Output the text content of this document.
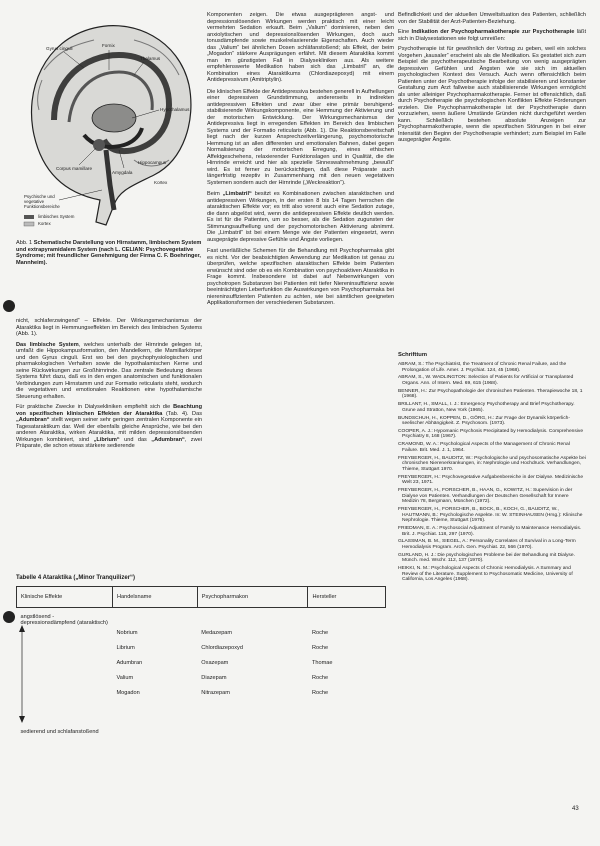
Gyrus cinguli
Fornix
Thalamus
Hypothalamus
Corpus mamillare
Amygdala
Hippocampus
Psychische und vegetative Funktionsbereiche
Kortex
limbisches System
Kortex

Abb. 1 Schematische Darstellung von Hirnstamm, limbischem System und extrapyramidalem System (nach L. CELIAN: Psychovegetative Syndrome; mit freundlicher Genehmigung der Firma C. F. Boehringer, Mannheim).

nicht, schlaferzwingend“ – Effekte. Der Wirkungsmechanismus der Ataraktika liegt in Hemmungseffekten im Bereich des limbischen Systems (Abb. 1).

Das limbische System, welches unterhalb der Hirnrinde gelegen ist, umfaßt die Hippokampusformation, den Mandelkern, die Mamillarkörper und den Gyrus cinguli. Erst wo bei den psychophysiologischen und pharmakologischen Verhalten sowie die hypothalamischen Kerne und seine Rückwirkungen zur Großhirnrinde. Das zentrale Bedeutung dieses Systems führt dazu, daß es in den engen anatomischen und funktionalen Verbindungen zum Hirnstamm und zur Formatio reticularis steht, wodurch die vegetativen und emotionalen Reaktionen eine hypothalamische Steuerung erhalten.

Für praktische Zwecke in Dialysekliniken empfiehlt sich die Beachtung von spezifischen klinischen Effekten der Ataraktika (Tab. 4). Das „Adumbran“ stellt wegen seiner sehr geringen zentralen Komponente ein Tagesataraktikum dar. Weil der ebenfalls gleiche Ansprüche, wie bei den anderen Ataraktika, wirken Ataraktika, mit milden depressionslösenden Wirkungen kombiniert, sind „Librium“ und das „Adumbran“, zwei Präparate, die schon etwas stärkere sedierende

Komponenten zeigen. Die etwas ausgeprägteren angst- und depressionslösenden Wirkungen werden praktisch mit einer leicht vermehrten Sedation erkauft. Beim „Valium“ dominieren, neben den anxiolytischen und depressionslösenden Wirkungen, doch auch tonusdämpfende sowie muskelrelaxierende Eigenschaften. Auch wieder das „Valium“ bei ähnlichen Dosen schläfanstoßend; als Effekt, der beim „Mogadon“ stärkere Ausprägungen erfährt. Mit diesem Ataraktika kommt man im günstigsten Fall in Dialysekliniken aus. Als weitere empfehlenswerte Medikation haben sich das „Limbatril“ an, die Kombination eines Ataraktikums (Chlordiazepoxyd) mit einem Antidepressivum (Amitriptylin).

Die klinischen Effekte der Antidepressiva bestehen generell in Aufhellungen einer depressiven Grundstimmung, andererseits in indirekten antidepressiven Effekten und zwar über eine primär beruhigend-stabilisierende Wirkungskomponente, eine Hemmung der Aktivierung und der motorischen Entwicklung. Der Wirkungsmechanismus der Antidepressiva liegt in erregenden Effekten im Bereich des limbischen Systems und der Formatio reticularis (Abb. 1). Die Reaktionsbereitschaft liegt nach der kurzen Ansprechzeitverlängerung, psychomotorische Hemmung ist an allen differenten und emotionalen Bahnen, dabei gegen Normalisierung der motorischen Erregung, eines ethischen Affektgeschehens, relaxierender Funktionslagen und in Qualität, die die Hirnrinde erreicht und hier als spezielle Sinneswahrnehmung „bewußt“ wird. Es ist ferner zu berücksichtigen, daß diese Präparate auch längerfristig rezeptiv in Zusammenhang mit den neuen vegetativen Systemen sondern auch der Hirnrinde („Weckreaktion“).

Beim „Limbatril“ besitzt es Kombinationen zwischen ataraktischen und antidepressiven Wirkungen, in der ersten 8 bis 14 Tagen herrschen die ataraktischen Effekte vor; es tritt also vorerst auch eine Sedation zutage, die dann abgelöst wird, wenn die antidepressiven Effekte deutlich werden. Es ist für die Patienten, um so besser, als die Sedation zugunsten der Stimmungsaufhellung und der psychomotorischen Aktivierung abnimmt. Die „Limbatril“ ist bei einem Menge wie der Patienten eingesetzt, wenn ausgeprägte depressive Gefühle und Ängste vorliegen.

Fast unerläßliche Schemen für die Behandlung mit Psychopharmaka gibt es nicht. Vor der beabsichtigten Anwendung zur Medikation ist genau zu überprüfen, welche spezifischen ataraktischen Effekte beim Patienten erwünscht sind oder ob es ein Kombination von psychoaktiven Ataraktika in Frage kommt. Insbesondere ist dabei auf Nebenwirkungen von psychotropen Substanzen bei Patienten mit tiefer Niereninsuffizienz sowie beeinträchtigten Leberfunktion die Auswirkungen von Psychopharmaka bei niereninsuffizienten Patienten zu achten, wie bei sämtlichen geeigneten Applikationsformen der verschiedenen Substanzen.

Befindlichkeit und der aktuellen Umweltsituation des Patienten, schließlich von der Stabilität der Arzt-Patienten-Beziehung.

Eine Indikation der Psychopharmakotherapie zur Psychotherapie läßt sich in Dialysestationen wie folgt umreißen:

Psychotherapie ist für gewöhnlich der Vortrag zu geben, weil ein solches Vorgehen „kausaler“ erscheint als als die Medikation. Es gestattet sich zum Beispiel die psychotherapeutische Bearbeitung von wenig ausgeprägten depressiven Gefühlen und Ängsten wie sie sich im aktuellen psychologischen Kontext des Versuch. Auch wenn offensichtlich beim Patienten unter der Psychotherapie infolge der stabilisieren und konstanter Gestaltung zum Arzt fallweise auch stabilisierende Wirkungen ermöglicht als unter alleiniger Psychopharmakotherapie. Ferner ist offensichtlich, daß durch Psychotherapie die psychologischen Konflikten Effekte Förderungen erzielen. Die Psychopharmakotherapie ist der Psychotherapie dann vorzuziehen, wenn äußere Umstände Gründen nicht durchgeführt werden kann. Schließlich bestehen absolute Anzeigen zur Psychopharmakotherapie, wenn die spezifischen Störungen in bei einer Intensität den Beginn der Psychotherapie verhindert; zum Beispiel im Falle ausgeprägter Ängste.

Schrifttum

ABRAM, S.: The Psychiatrist, the Treatment of Chronic Renal Failure, and the Prolongation of Life. Amer. J. Psychiat. 124, 45 (1968).

ABRAM, S., W. WADLINGTON: Selection of Patients for Artificial or Transplanted Organs. Ann. of Intern. Med. 69, 615 (1968).

BENNER, H.: Zur Psychopathologie der chronischen Patienten. Therapiewoche 18, 1 (1968).

BRILLANT, H., SMALL, I. J.: Emergency Psychotherapy and Brief Psychotherapy. Grune and Stratton, New York (1965).

BUNDSCHUH, H., KOPPEN, D., GÖRG, H.: Zur Frage der Dynamik körperlich-seelischer Abhängigkeit. Z. Psychosom. (1973).

COOPER, A. J.: Hypomanic Psychosis Precipitated by Hemodialysis. Comprehensive Psychiatry 8, 168 (1967).

CRAMOND, W. A.: Psychological Aspects of the Management of Chronic Renal Failure. Brit. Med. J. 1, 1964.

FREYBERGER, H., BAUDITZ, W.: Psychologische und psychosomatische Aspekte bei chronischen Nierenerkrankungen, in: Nephrologie und Hochdruck. Verhandlungen, Thieme, Stuttgart 1970.

FREYBERGER, H.: Psychovegetative Aufgabenbereiche in der Dialyse. Medizinische Welt 23, 1971.

FREYBERGER, H., FORSCHER, B., HAAN, G., KOWITZ, H.: Supervision in der Dialyse von Patienten. Verhandlungen der Deutschen Gesellschaft für Innere Medizin 78, Bergmann, München (1972).

FREYBERGER, H., FORSCHER, B., BOCK, B., KOCH, G., BAUDITZ, W., HAUTMANN, B.: Psychologische Aspekte. In: W. STEINHAUSEN (Hrsg.): Klinische Nephrologie. Thieme, Stuttgart (1976).

FRIEDMAN, E. A.: Psychosocial Adjustment of Family to Maintenance Hemodialysis. Brit. J. Psychiat. 118, 297 (1970).

GLASSMAN, B. M., SIEGEL, A.: Personality Correlates of Survival in a Long-Term Hemodialysis Program. Arch. Gen. Psychiat. 22, 566 (1970).

GURLAND, H. J.: Die psychologischen Probleme bei der Behandlung mit Dialyse. Münch. med. Wschr. 112, 137 (1970).

HEIKKI, N. M.: Psychological Aspects of Chronic Hemodialysis. A Summary and Review of the Literature. Supplement to Psychosomatic Medicine, University of California, Los Angeles (1968).

Tabelle 4 Ataraktika („Minor Tranquilizer“)
Klinische Effekte	Handelsname	Psychopharmakon	Hersteller
angstlösend - depressionsdämpfend (ataraktisch)			
	Nobrium	Medazepam	Roche
	Librium	Chlordiazepoxyd	Roche
	Adumbran	Oxazepam	Thomae
	Valium	Diazepam	Roche
	Mogadon	Nitrazepam	Roche
sedierend und schlafanstoßend			
43
